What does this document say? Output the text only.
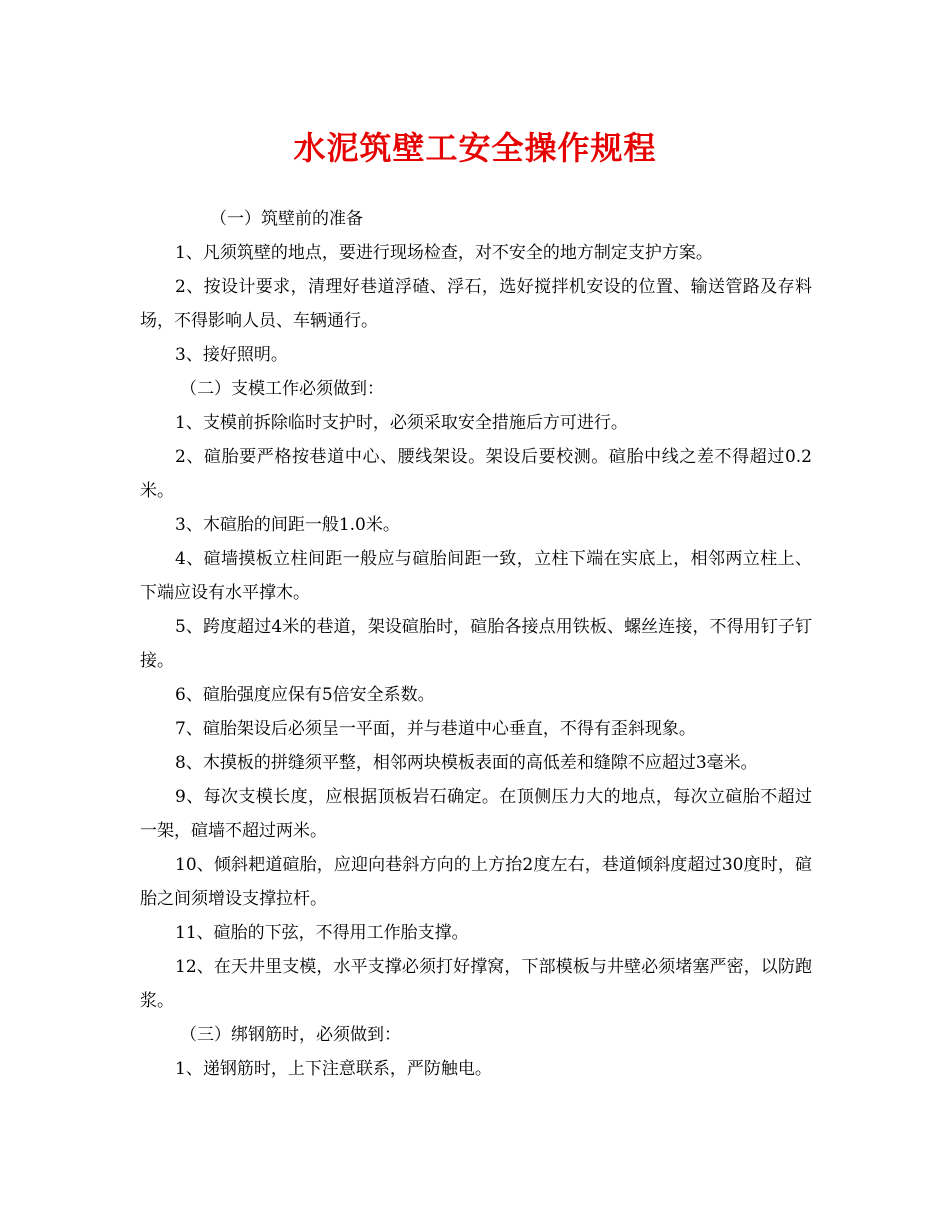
水泥筑壁工安全操作规程

（一）筑壁前的准备

1、凡须筑壁的地点，要进行现场检查，对不安全的地方制定支护方案。

2、按设计要求，清理好巷道浮碴、浮石，选好搅拌机安设的位置、输送管路及存料场，不得影响人员、车辆通行。

3、接好照明。

（二）支模工作必须做到：

1、支模前拆除临时支护时，必须采取安全措施后方可进行。

2、碹胎要严格按巷道中心、腰线架设。架设后要校测。碹胎中线之差不得超过0.2米。

3、木碹胎的间距一般1.0米。

4、碹墙摸板立柱间距一般应与碹胎间距一致，立柱下端在实底上，相邻两立柱上、下端应设有水平撑木。

5、跨度超过4米的巷道，架设碹胎时，碹胎各接点用铁板、螺丝连接，不得用钉子钉接。

6、碹胎强度应保有5倍安全系数。

7、碹胎架设后必须呈一平面，并与巷道中心垂直，不得有歪斜现象。

8、木摸板的拼缝须平整，相邻两块模板表面的高低差和缝隙不应超过3毫米。

9、每次支模长度，应根据顶板岩石确定。在顶侧压力大的地点，每次立碹胎不超过一架，碹墙不超过两米。

10、倾斜耙道碹胎，应迎向巷斜方向的上方抬2度左右，巷道倾斜度超过30度时，碹胎之间须增设支撑拉杆。

11、碹胎的下弦，不得用工作胎支撑。

12、在天井里支模，水平支撑必须打好撑窝，下部模板与井壁必须堵塞严密，以防跑浆。

（三）绑钢筋时，必须做到：

1、递钢筋时，上下注意联系，严防触电。
